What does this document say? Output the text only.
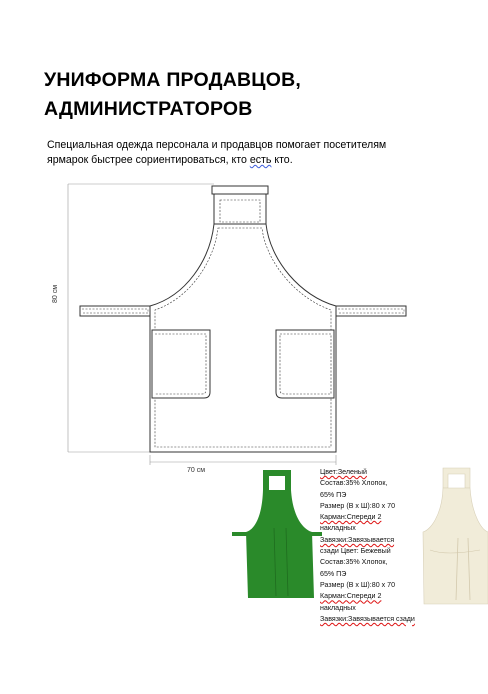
УНИФОРМА ПРОДАВЦОВ,
АДМИНИСТРАТОРОВ
Специальная одежда персонала и продавцов помогает посетителям
ярмарок быстрее сориентироваться, кто есть кто.
80 см
70 см	Цвет:Зеленый
Состав:35% Хлопок,
65% ПЭ
Размер (В х Ш):80 х 70
Карман:Спереди 2
накладных
Завязки:Завязывается
сзади Цвет: Бежевый
Состав:35% Хлопок,
65% ПЭ
Размер (В х Ш):80 х 70
Карман:Спереди 2
накладных
Завязки:Завязывается сзади
